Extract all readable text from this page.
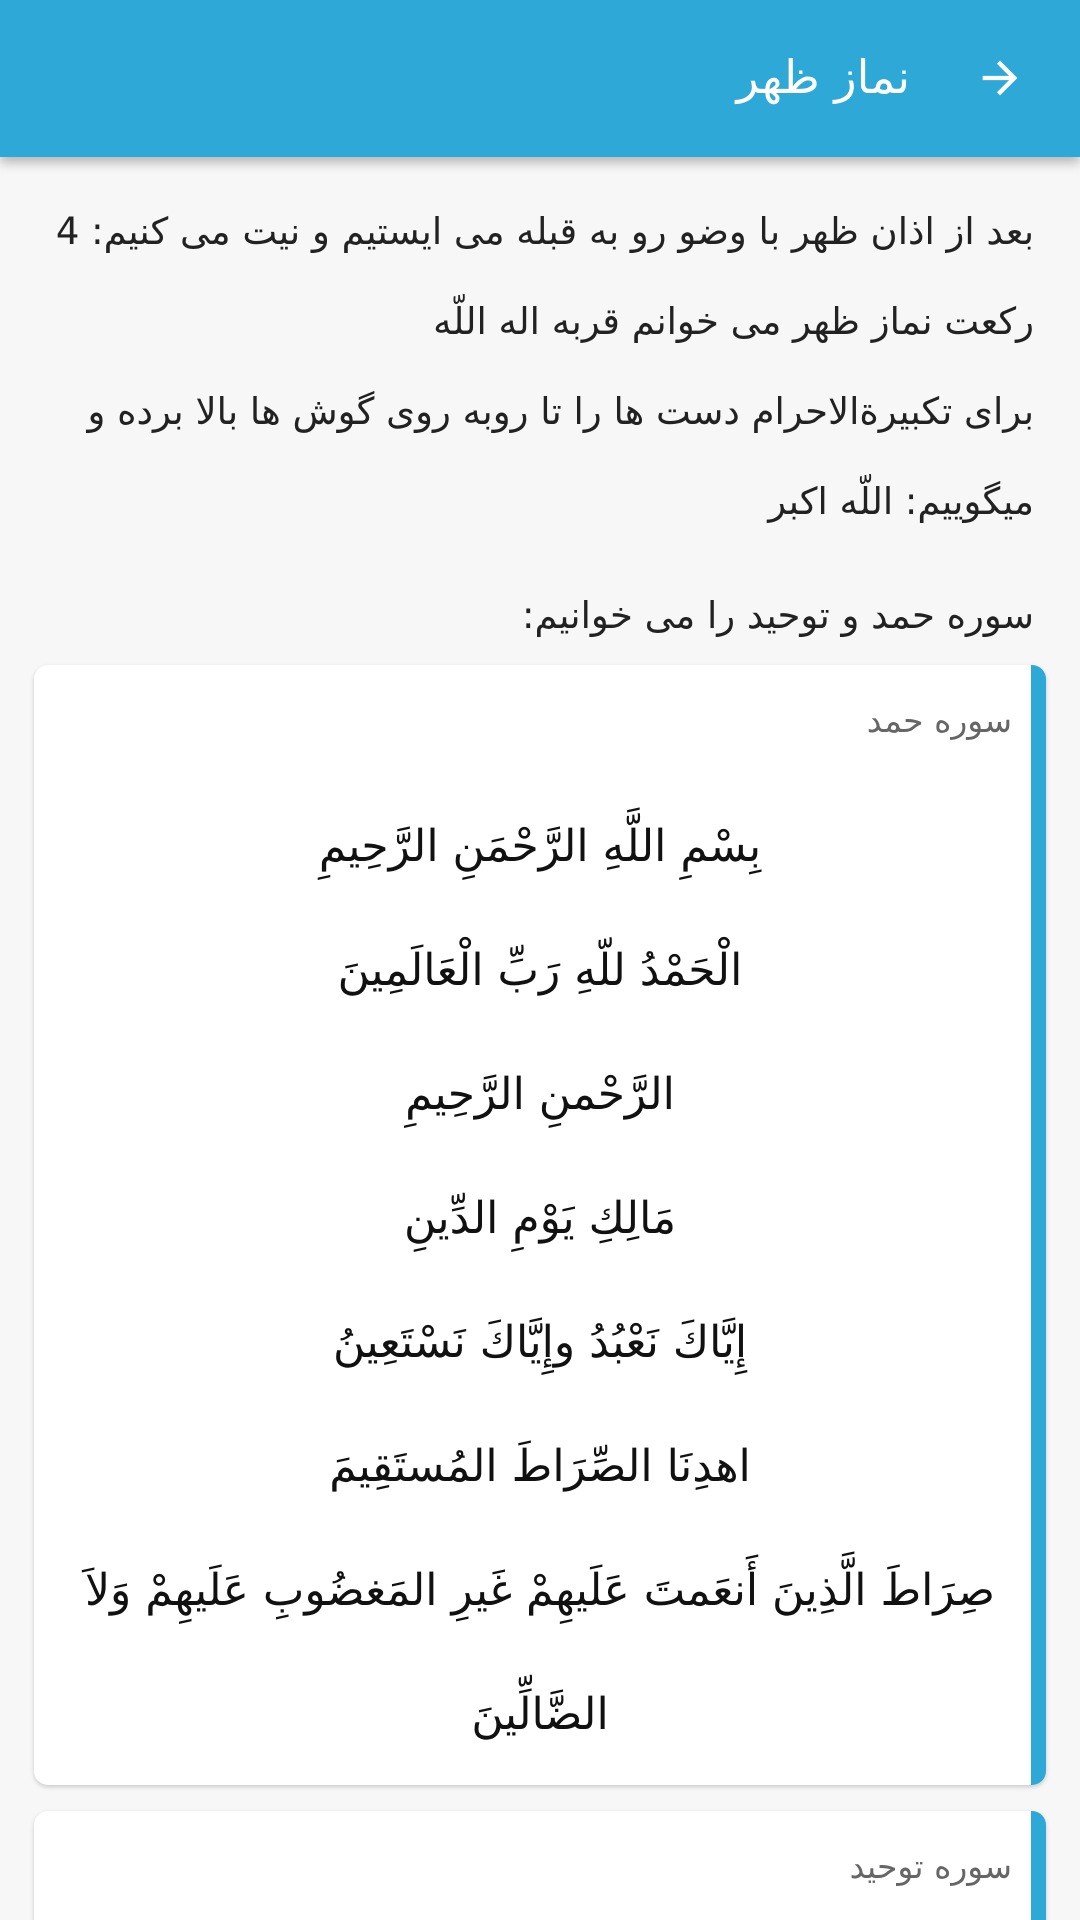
نماز ظهر
بعد از اذان ظهر با وضو رو به قبله می ایستیم و نیت می کنیم: 4 رکعت نماز ظهر می خوانم قربه اله اللّه
برای تکبیرةالاحرام دست ها را تا روبه روی گوش ها بالا برده و میگوییم: اللّه اکبر
سوره حمد و توحید را می خوانیم:
سوره حمد
بِسْمِ اللَّهِ الرَّحْمَنِ الرَّحِيمِ
الْحَمْدُ للّهِ رَبِّ الْعَالَمِينَ
الرَّحْمنِ الرَّحِيمِ
مَالِكِ يَوْمِ الدِّينِ
إِيَّاكَ نَعْبُدُ وإِيَّاكَ نَسْتَعِينُ
اهدِنَا الصِّرَاطَ المُستَقِيمَ
صِرَاطَ الَّذِينَ أَنعَمتَ عَلَيهِمْ غَيرِ المَغضُوبِ عَلَيهِمْ وَلاَ الضَّالِّينَ
سوره توحید
